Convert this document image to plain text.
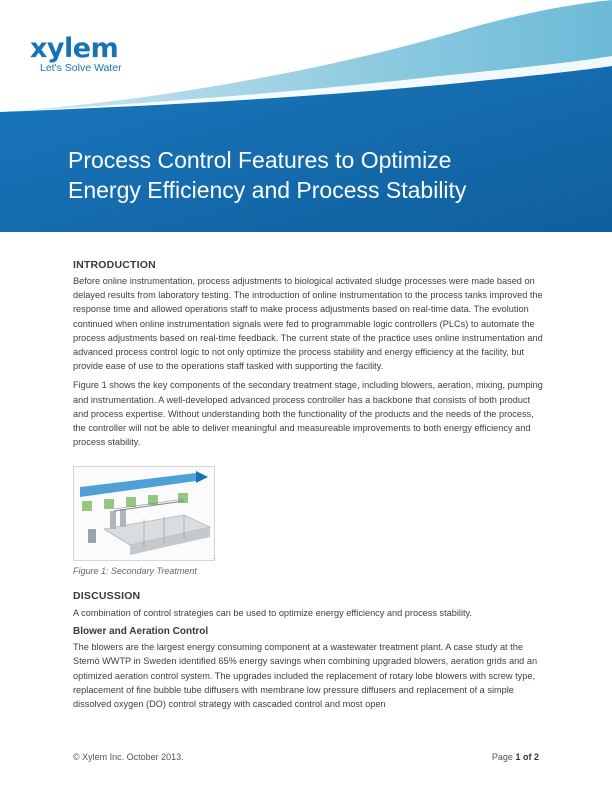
xylem
Let's Solve Water
Process Control Features to Optimize
Energy Efficiency and Process Stability
INTRODUCTION

Before online instrumentation, process adjustments to biological activated sludge processes were made based on delayed results from laboratory testing. The introduction of online instrumentation to the process tanks improved the response time and allowed operations staff to make process adjustments based on real-time data. The evolution continued when online instrumentation signals were fed to programmable logic controllers (PLCs) to automate the process adjustments based on real-time feedback. The current state of the practice uses online instrumentation and advanced process control logic to not only optimize the process stability and energy efficiency at the facility, but provide ease of use to the operations staff tasked with supporting the facility.

Figure 1 shows the key components of the secondary treatment stage, including blowers, aeration, mixing, pumping and instrumentation. A well-developed advanced process controller has a backbone that consists of both product and process expertise. Without understanding both the functionality of the products and the needs of the process, the controller will not be able to deliver meaningful and measureable improvements to both energy efficiency and process stability.

.
Figure 1: Secondary Treatment
DISCUSSION

A combination of control strategies can be used to optimize energy efficiency and process stability.

Blower and Aeration Control

The blowers are the largest energy consuming component at a wastewater treatment plant. A case study at the Stemö WWTP in Sweden identified 65% energy savings when combining upgraded blowers, aeration grids and an optimized aeration control system. The upgrades included the replacement of rotary lobe blowers with screw type, replacement of fine bubble tube diffusers with membrane low pressure diffusers and replacement of a simple dissolved oxygen (DO) control strategy with cascaded control and most open

© Xylem Inc. October 2013.	Page 1 of 2
